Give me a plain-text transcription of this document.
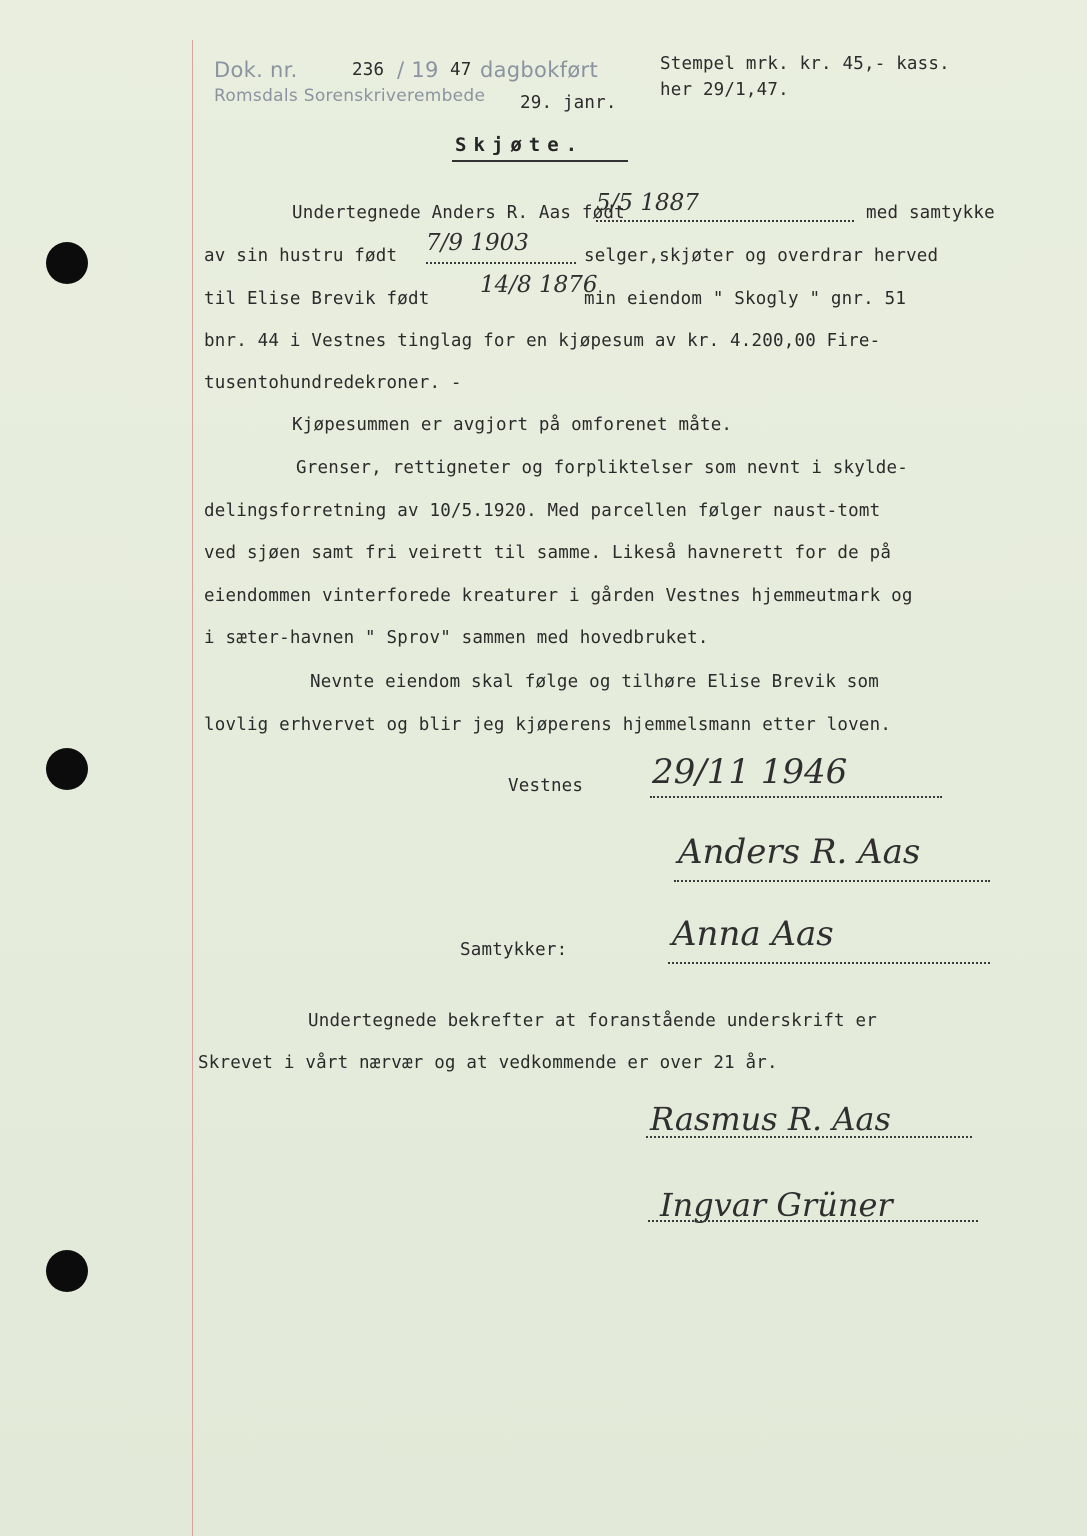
Dok. nr.	236 / 19 47 dagbokført
Romsdals Sorenskriverembede 29. janr.
Stempel mrk. kr. 45,- kass.
her 29/1,47.
Skjøte.
Undertegnede Anders R. Aas født
5/5 1887	med samtykke
av sin hustru født 7/9 1903	selger,skjøter og overdrar herved
til Elise Brevik født
14/8 1876
min eiendom " Skogly " gnr. 51
bnr. 44 i Vestnes tinglag for en kjøpesum av kr. 4.200,00 Fire-
tusentohundredekroner. -
Kjøpesummen er avgjort på omforenet måte.
Grenser, rettigneter og forpliktelser som nevnt i skylde-
delingsforretning av 10/5.1920. Med parcellen følger naust-tomt
ved sjøen samt fri veirett til samme. Likeså havnerett for de på
eiendommen vinterforede kreaturer i gården Vestnes hjemmeutmark og
i sæter-havnen " Sprov" sammen med hovedbruket.
Nevnte eiendom skal følge og tilhøre Elise Brevik som
lovlig erhvervet og blir jeg kjøperens hjemmelsmann etter loven.
Vestnes 29/11 1946
Anders R. Aas
Samtykker:	Anna Aas
Undertegnede bekrefter at foranstående underskrift er
Skrevet i vårt nærvær og at vedkommende er over 21 år.
Rasmus R. Aas
Ingvar Grüner
